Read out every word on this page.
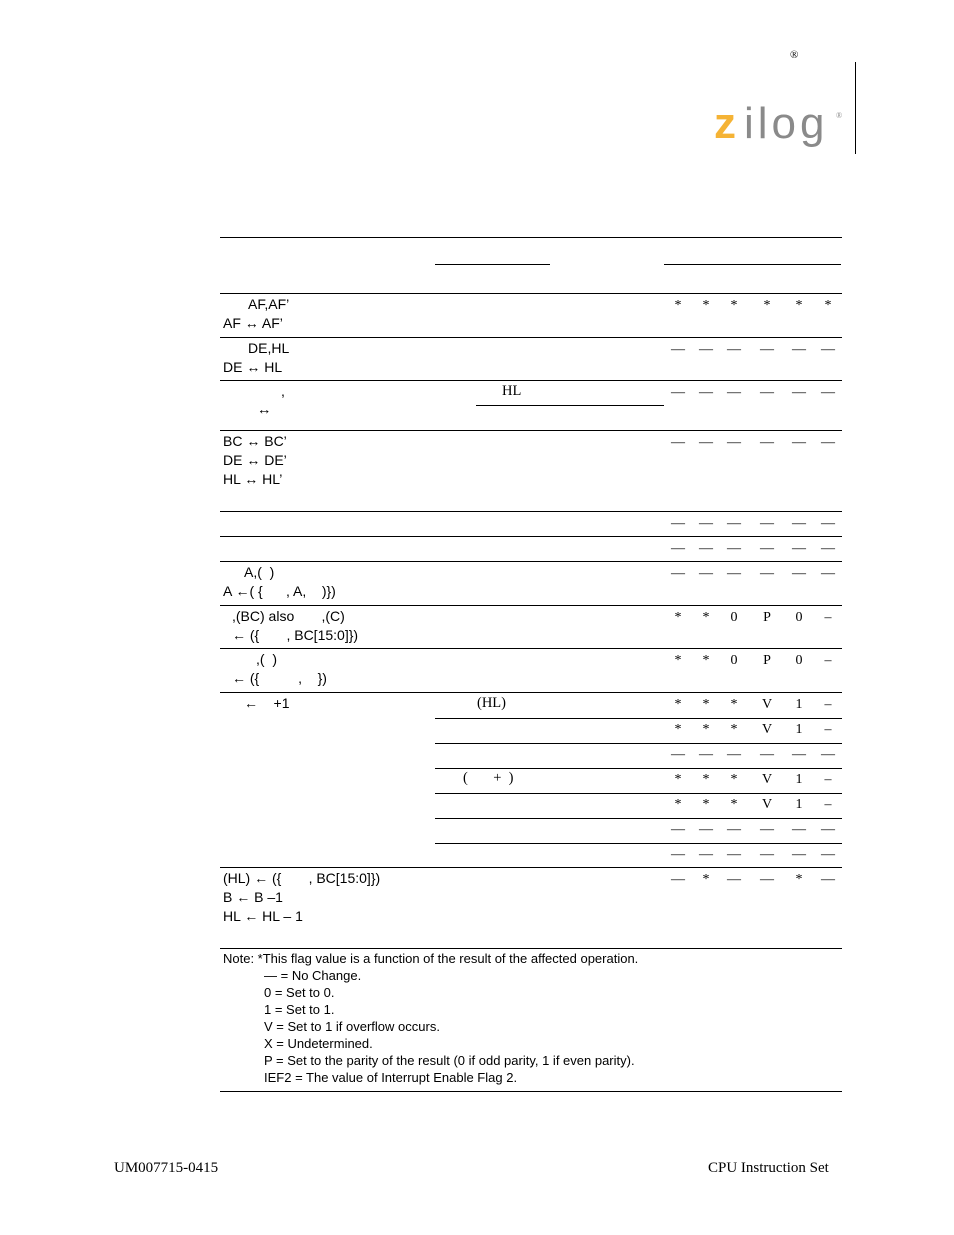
®
z ilog ®
AF,AF’
AF ↔ AF’
*	*	*	*	*	*
DE,HL
DE ↔ HL
— — — — — —
,
↔
HL	— — — — — —
BC ↔ BC’
DE ↔ DE’
HL ↔ HL’
— — — — — —
— — — — — —
— — — — — —
A,(  )
A ←( {      , A,    )})
— — — — — —
,(BC) also       ,(C)
← ({       , BC[15:0]})
*	*	0	P	0	–
,(  )
← ({          ,    })
*	*	0	P	0	–
←    +1	(HL)	*	*	*	V	1	–
*	*	*	V	1	–
— — — — — —
(       +  )	*	*	*	V	1	–
*	*	*	V	1	–
— — — — — —
— — — — — —
(HL) ← ({       , BC[15:0]})
B ← B –1
HL ← HL – 1
—	*	— —	*	—
Note: *This flag value is a function of the result of the affected operation.
— = No Change.
0 = Set to 0.
1 = Set to 1.
V = Set to 1 if overflow occurs.
X = Undetermined.
P = Set to the parity of the result (0 if odd parity, 1 if even parity).
IEF2 = The value of Interrupt Enable Flag 2.
UM007715-0415	CPU Instruction Set
